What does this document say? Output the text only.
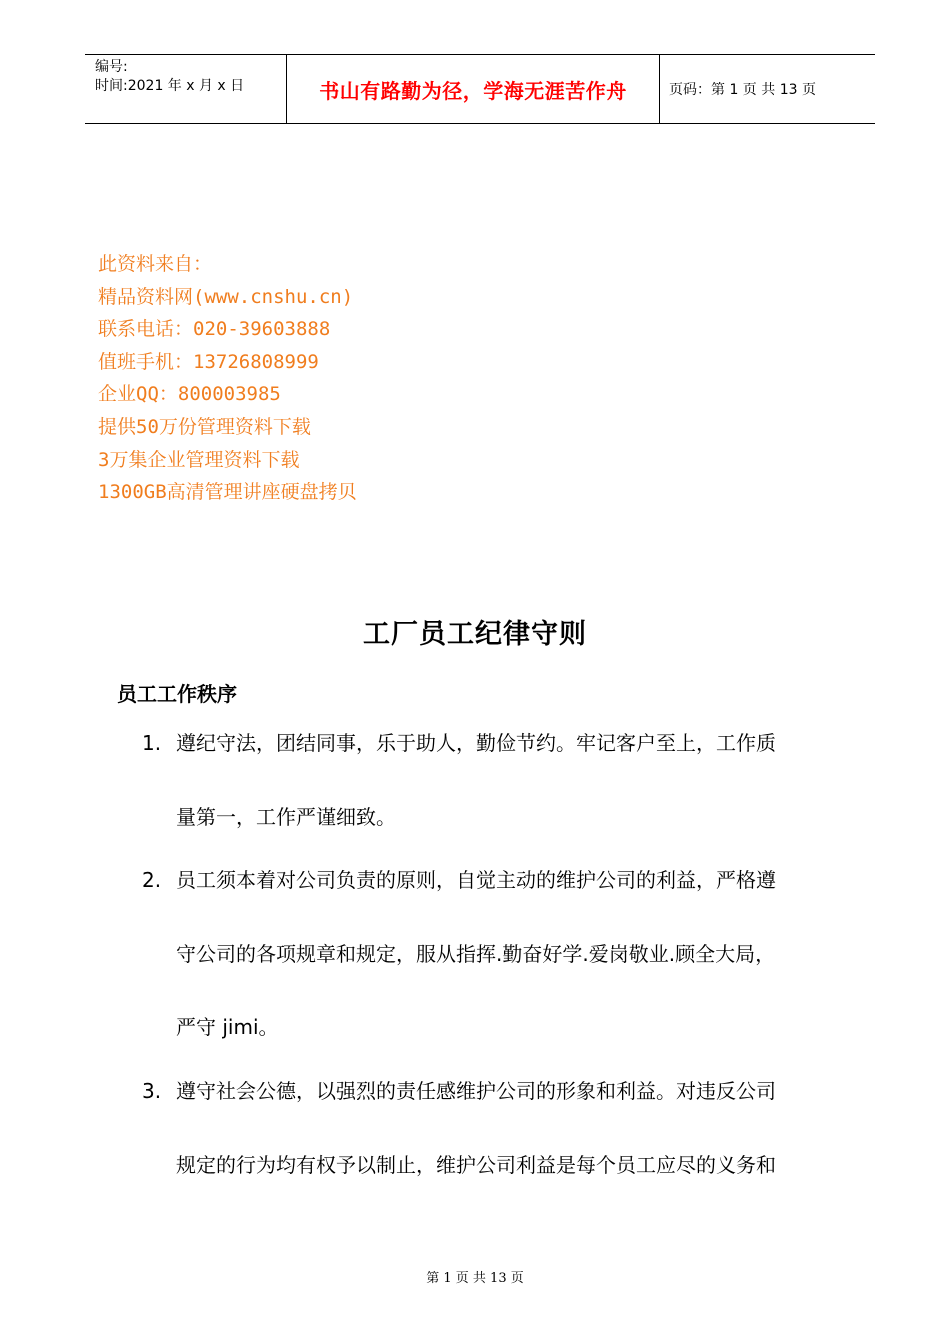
编号:
时间:2021 年 x 月 x 日	书山有路勤为径，学海无涯苦作舟	页码：第 1 页 共 13 页
此资料来自：
精品资料网(www.cnshu.cn)
联系电话：020-39603888
值班手机：13726808999
企业QQ：800003985
提供50万份管理资料下载
3万集企业管理资料下载
1300GB高清管理讲座硬盘拷贝
工厂员工纪律守则
员工工作秩序
1. 遵纪守法，团结同事，乐于助人，勤俭节约。牢记客户至上，工作质
量第一，工作严谨细致。
2. 员工须本着对公司负责的原则，自觉主动的维护公司的利益，严格遵
守公司的各项规章和规定，服从指挥.勤奋好学.爱岗敬业.顾全大局，
严守 jimi。
3. 遵守社会公德，以强烈的责任感维护公司的形象和利益。对违反公司
规定的行为均有权予以制止，维护公司利益是每个员工应尽的义务和
第 1 页 共 13 页
